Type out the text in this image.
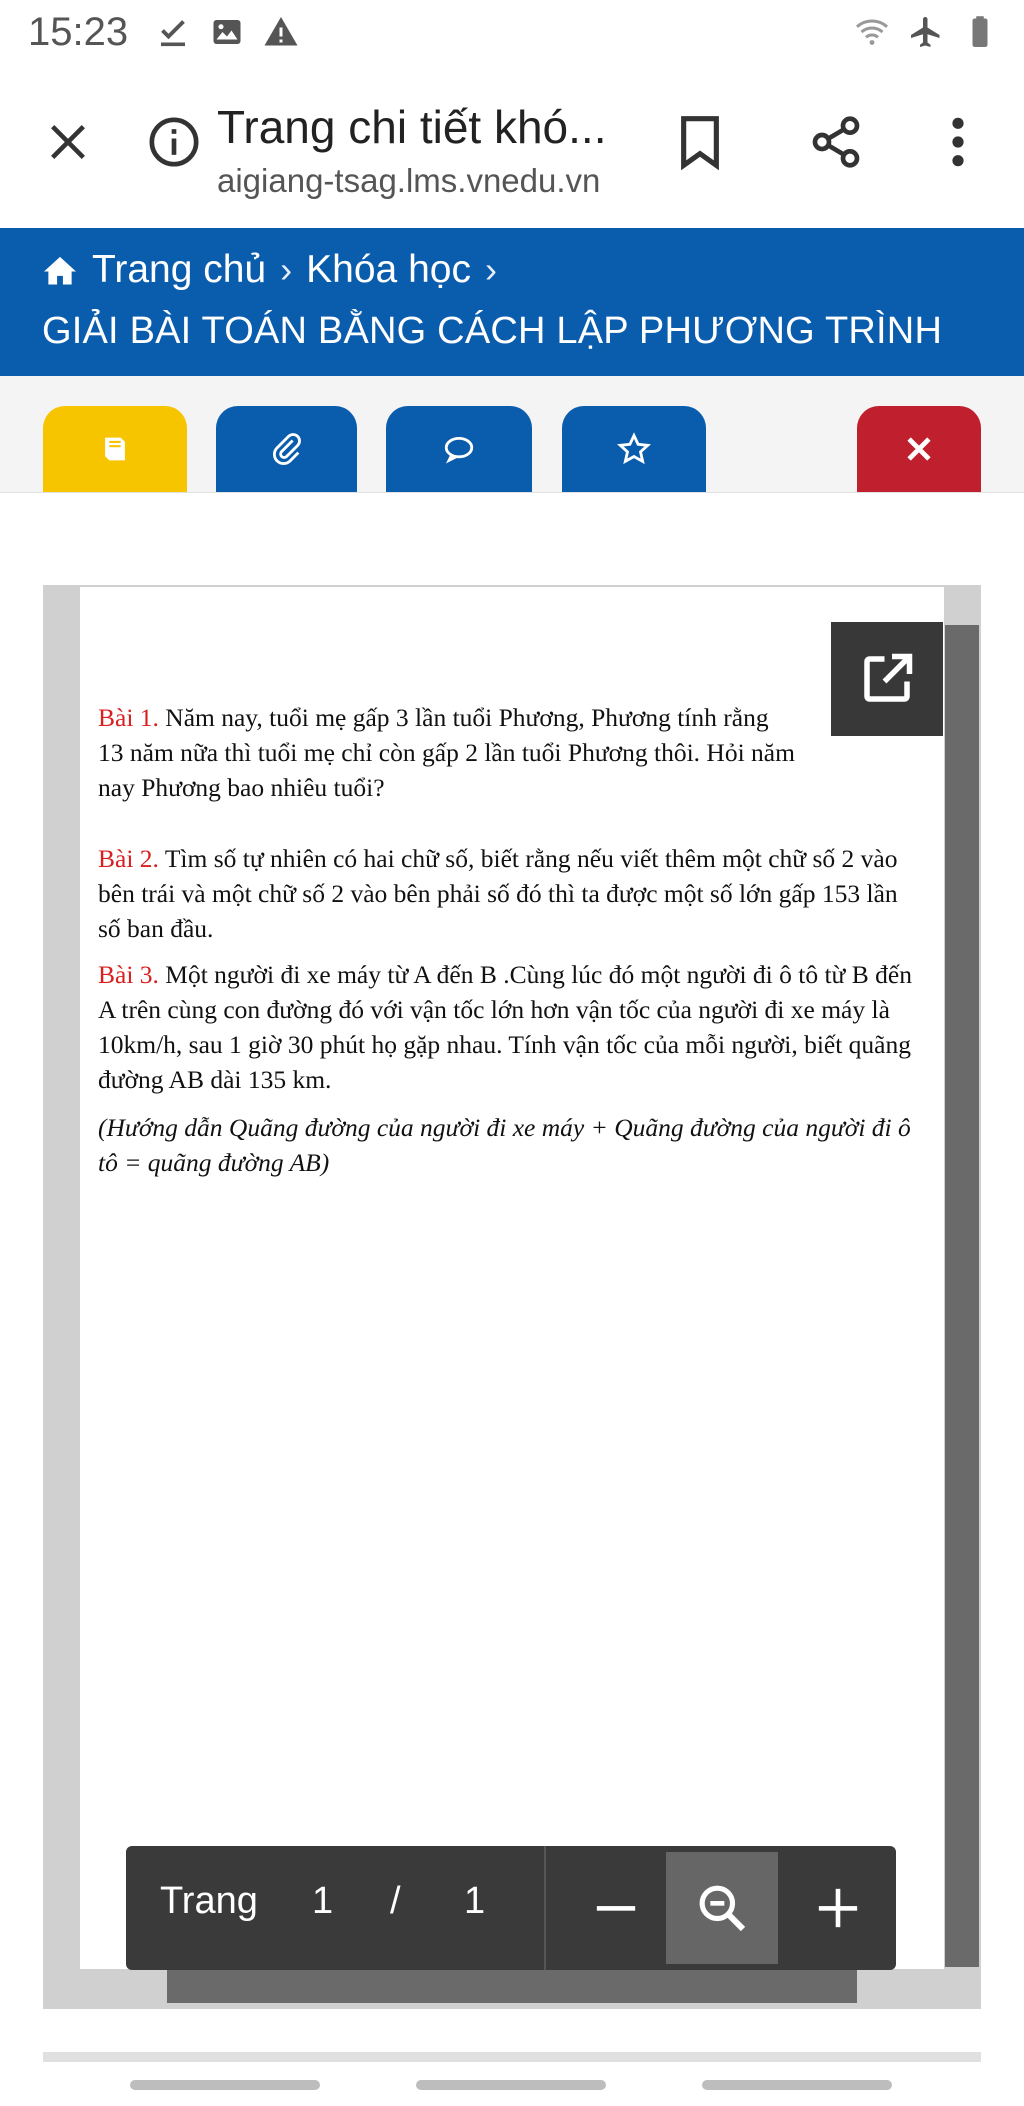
15:23
Trang chi tiết khó...
aigiang-tsag.lms.vnedu.vn
Trang chủ › Khóa học ›
GIẢI BÀI TOÁN BẰNG CÁCH LẬP PHƯƠNG TRÌNH

Bài 1. Năm nay, tuổi mẹ gấp 3 lần tuổi Phương, Phương tính rằng 13 năm nữa thì tuổi mẹ chỉ còn gấp 2 lần tuổi Phương thôi. Hỏi năm nay Phương bao nhiêu tuổi?

Bài 2. Tìm số tự nhiên có hai chữ số, biết rằng nếu viết thêm một chữ số 2 vào bên trái và một chữ số 2 vào bên phải số đó thì ta được một số lớn gấp 153 lần số ban đầu.

Bài 3. Một người đi xe máy từ A đến B .Cùng lúc đó một người đi ô tô từ B đến A trên cùng con đường đó với vận tốc lớn hơn vận tốc của người đi xe máy là 10km/h, sau 1 giờ 30 phút họ gặp nhau. Tính vận tốc của mỗi người, biết quãng đường AB dài 135 km.

(Hướng dẫn Quãng đường của người đi xe máy + Quãng đường của người đi ô tô = quãng đường AB)

Trang 1 / 1
